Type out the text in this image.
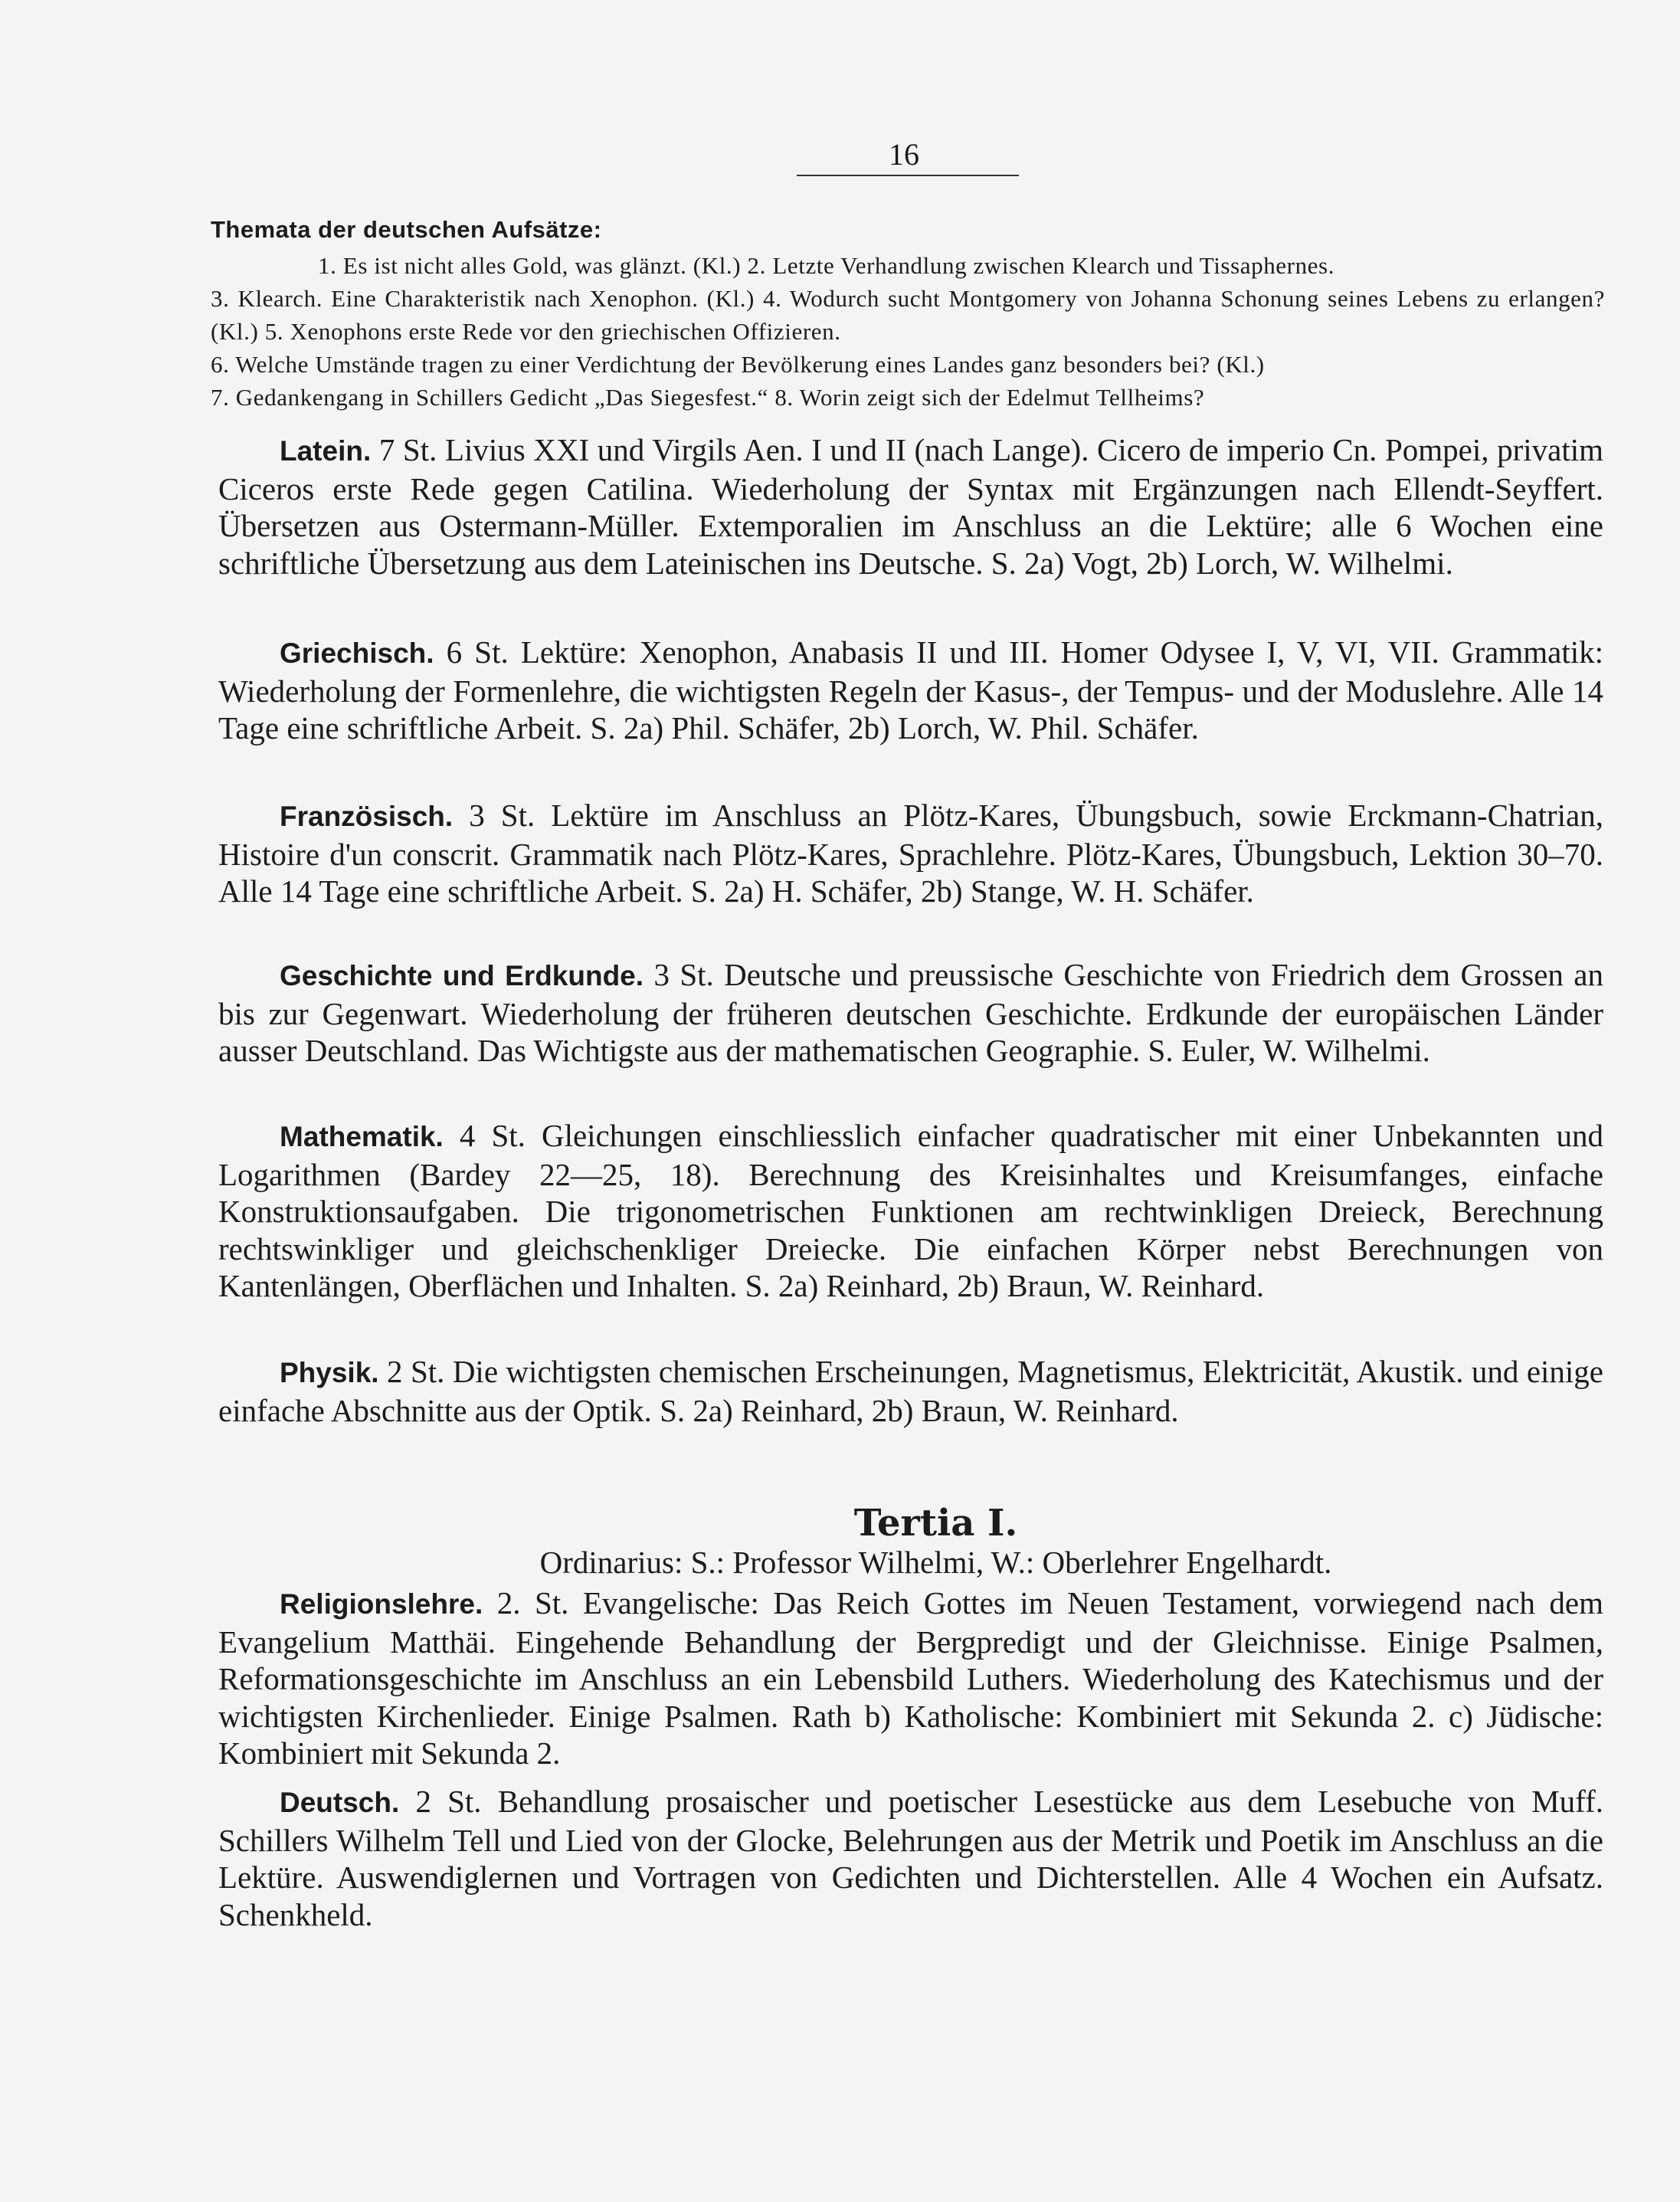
16
Themata der deutschen Aufsätze:
1. Es ist nicht alles Gold, was glänzt. (Kl.) 2. Letzte Verhandlung zwischen Klearch und Tissaphernes.
3. Klearch. Eine Charakteristik nach Xenophon. (Kl.) 4. Wodurch sucht Montgomery von Johanna Schonung seines Lebens zu erlangen? (Kl.) 5. Xenophons erste Rede vor den griechischen Offizieren.
6. Welche Umstände tragen zu einer Verdichtung der Bevölkerung eines Landes ganz besonders bei? (Kl.)
7. Gedankengang in Schillers Gedicht „Das Siegesfest.“ 8. Worin zeigt sich der Edelmut Tellheims?
Latein. 7 St. Livius XXI und Virgils Aen. I und II (nach Lange). Cicero de imperio Cn. Pompei, privatim Ciceros erste Rede gegen Catilina. Wiederholung der Syntax mit Ergänzungen nach Ellendt-Seyffert. Übersetzen aus Ostermann-Müller. Extemporalien im Anschluss an die Lektüre; alle 6 Wochen eine schriftliche Übersetzung aus dem Lateinischen ins Deutsche. S. 2a) Vogt, 2b) Lorch, W. Wilhelmi.
Griechisch. 6 St. Lektüre: Xenophon, Anabasis II und III. Homer Odysee I, V, VI, VII. Grammatik: Wiederholung der Formenlehre, die wichtigsten Regeln der Kasus-, der Tempus- und der Moduslehre. Alle 14 Tage eine schriftliche Arbeit. S. 2a) Phil. Schäfer, 2b) Lorch, W. Phil. Schäfer.
Französisch. 3 St. Lektüre im Anschluss an Plötz-Kares, Übungsbuch, sowie Erckmann-Chatrian, Histoire d'un conscrit. Grammatik nach Plötz-Kares, Sprachlehre. Plötz-Kares, Übungsbuch, Lektion 30–70. Alle 14 Tage eine schriftliche Arbeit. S. 2a) H. Schäfer, 2b) Stange, W. H. Schäfer.
Geschichte und Erdkunde. 3 St. Deutsche und preussische Geschichte von Friedrich dem Grossen an bis zur Gegenwart. Wiederholung der früheren deutschen Geschichte. Erdkunde der europäischen Länder ausser Deutschland. Das Wichtigste aus der mathematischen Geographie. S. Euler, W. Wilhelmi.
Mathematik. 4 St. Gleichungen einschliesslich einfacher quadratischer mit einer Unbekannten und Logarithmen (Bardey 22—25, 18). Berechnung des Kreisinhaltes und Kreisumfanges, einfache Konstruktionsaufgaben. Die trigonometrischen Funktionen am rechtwinkligen Dreieck, Berechnung rechtswinkliger und gleichschenkliger Dreiecke. Die einfachen Körper nebst Berechnungen von Kantenlängen, Oberflächen und Inhalten. S. 2a) Reinhard, 2b) Braun, W. Reinhard.
Physik. 2 St. Die wichtigsten chemischen Erscheinungen, Magnetismus, Elektricität, Akustik. und einige einfache Abschnitte aus der Optik. S. 2a) Reinhard, 2b) Braun, W. Reinhard.
Tertia I.
Ordinarius: S.: Professor Wilhelmi, W.: Oberlehrer Engelhardt.
Religionslehre. 2. St. Evangelische: Das Reich Gottes im Neuen Testament, vorwiegend nach dem Evangelium Matthäi. Eingehende Behandlung der Bergpredigt und der Gleichnisse. Einige Psalmen, Reformationsgeschichte im Anschluss an ein Lebensbild Luthers. Wiederholung des Katechismus und der wichtigsten Kirchenlieder. Einige Psalmen. Rath b) Katholische: Kombiniert mit Sekunda 2. c) Jüdische: Kombiniert mit Sekunda 2.
Deutsch. 2 St. Behandlung prosaischer und poetischer Lesestücke aus dem Lesebuche von Muff. Schillers Wilhelm Tell und Lied von der Glocke, Belehrungen aus der Metrik und Poetik im Anschluss an die Lektüre. Auswendiglernen und Vortragen von Gedichten und Dichterstellen. Alle 4 Wochen ein Aufsatz. Schenkheld.
